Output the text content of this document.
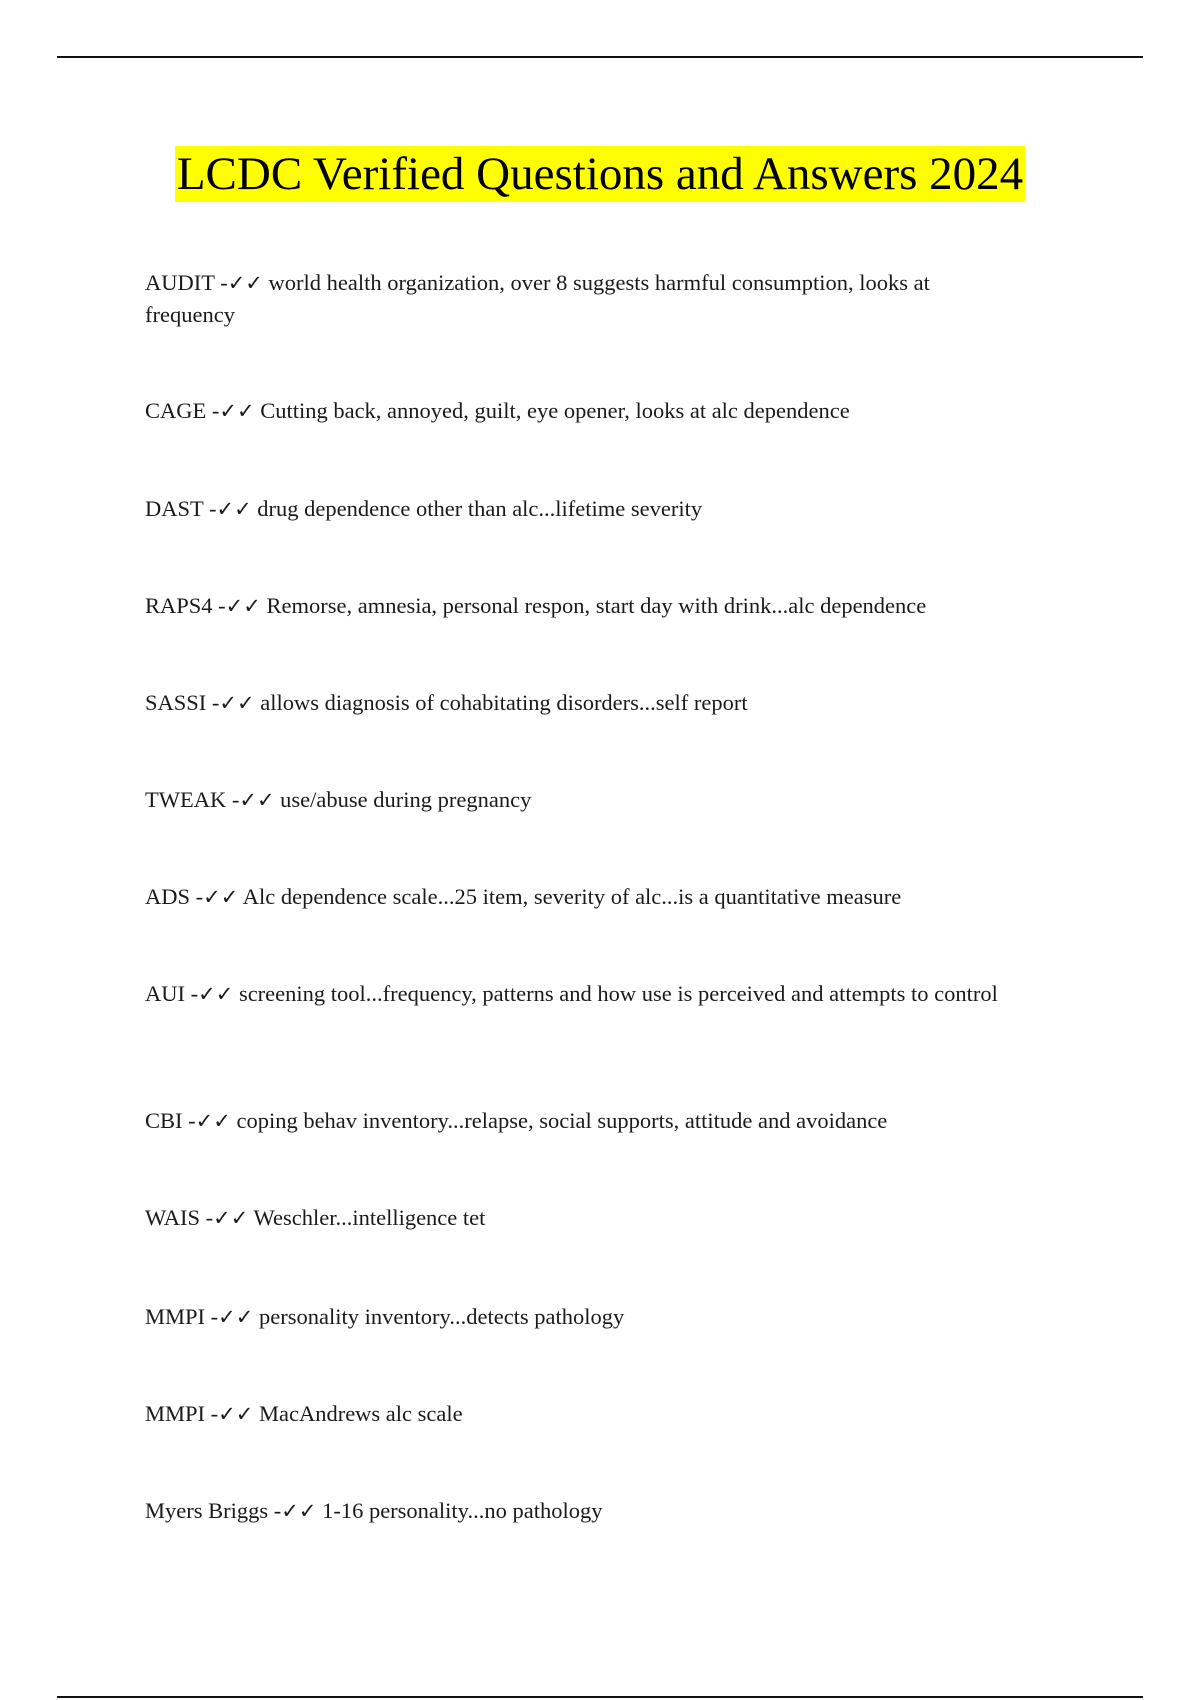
LCDC Verified Questions and Answers 2024

AUDIT -✓✓ world health organization, over 8 suggests harmful consumption, looks at frequency

CAGE -✓✓ Cutting back, annoyed, guilt, eye opener, looks at alc dependence

DAST -✓✓ drug dependence other than alc...lifetime severity

RAPS4 -✓✓ Remorse, amnesia, personal respon, start day with drink...alc dependence

SASSI -✓✓ allows diagnosis of cohabitating disorders...self report

TWEAK -✓✓ use/abuse during pregnancy

ADS -✓✓ Alc dependence scale...25 item, severity of alc...is a quantitative measure

AUI -✓✓ screening tool...frequency, patterns and how use is perceived and attempts to control

CBI -✓✓ coping behav inventory...relapse, social supports, attitude and avoidance

WAIS -✓✓ Weschler...intelligence tet

MMPI -✓✓ personality inventory...detects pathology

MMPI -✓✓ MacAndrews alc scale

Myers Briggs -✓✓ 1-16 personality...no pathology
